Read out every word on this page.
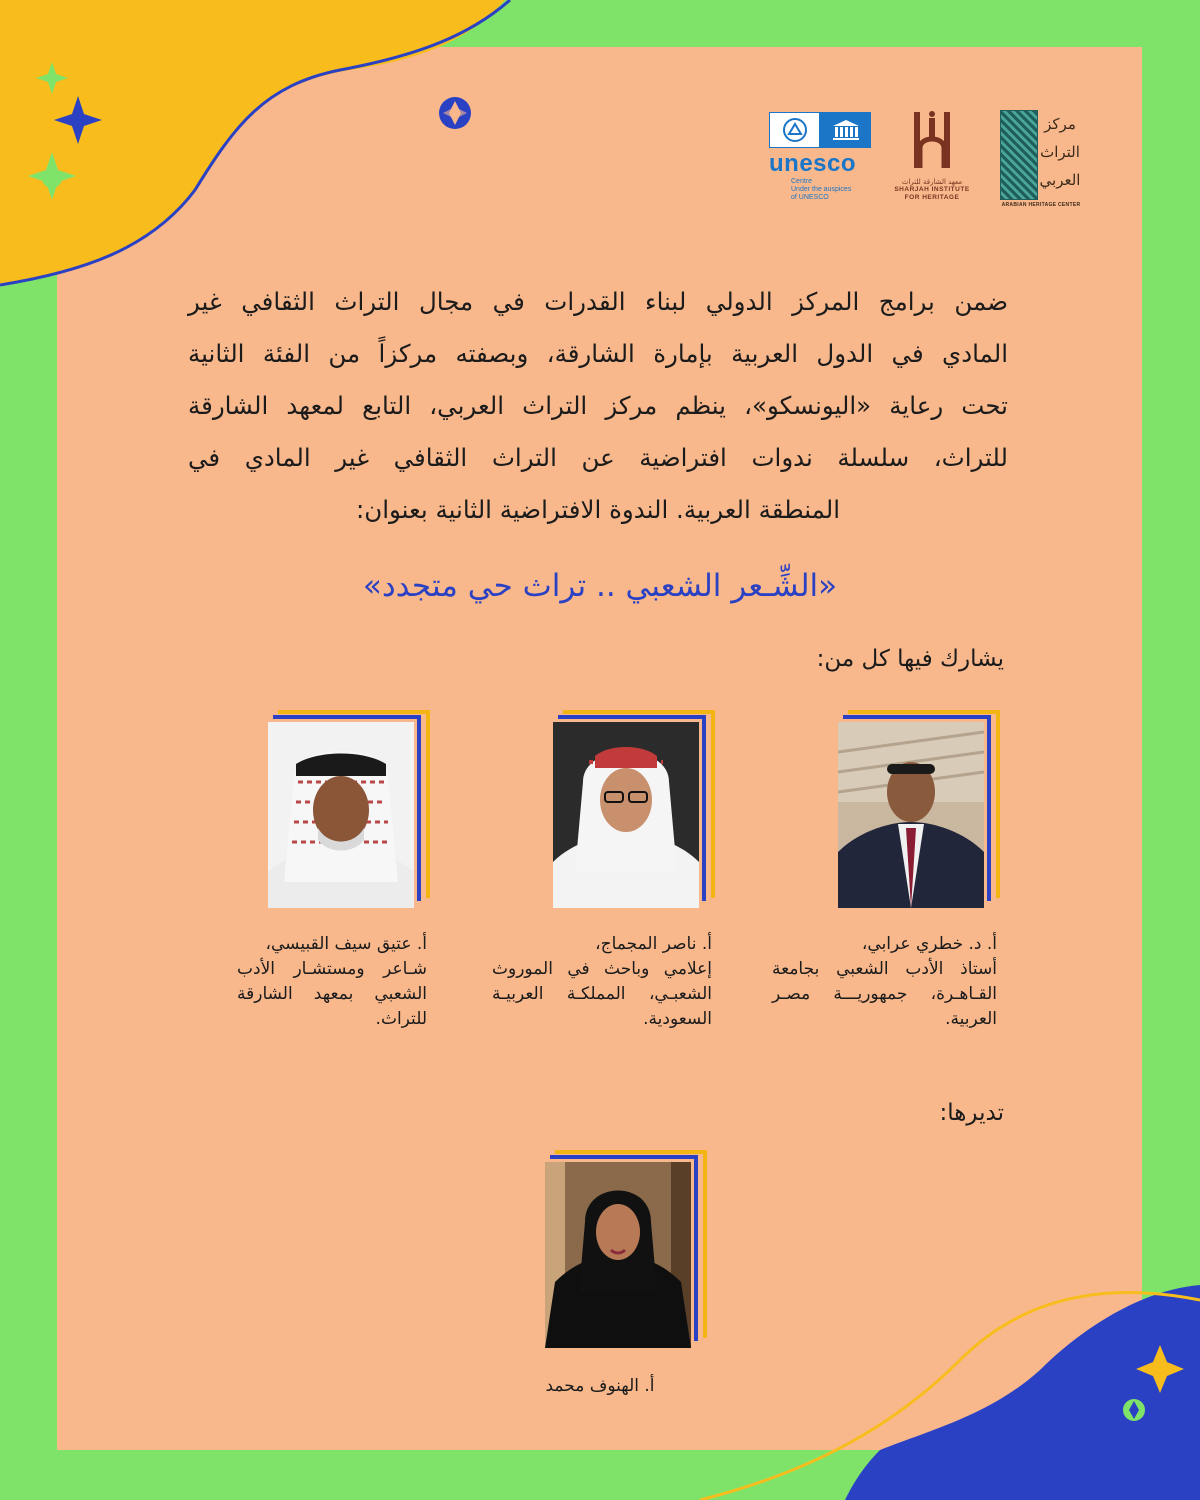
unesco
Centre
Under the auspices
of UNESCO
معهد الشارقة للتراث
SHARJAH INSTITUTE
FOR HERITAGE
مركز
التراث
العربي
ARABIAN HERITAGE CENTER
ضمن برامج المركز الدولي لبناء القدرات في مجال التراث الثقافي غير
المادي في الدول العربية بإمارة الشارقة، وبصفته مركزاً من الفئة الثانية
تحت رعاية «اليونسكو»، ينظم مركز التراث العربي، التابع لمعهد الشارقة
للتراث، سلسلة ندوات افتراضية عن التراث الثقافي غير المادي في
المنطقة العربية. الندوة الافتراضية الثانية بعنوان:
«الشِّـعر الشعبي .. تراث حي متجدد»
يشارك فيها كل من:
أ. د. خطري عرابي،
أستاذ الأدب الشعبي بجامعة
القـاهـرة، جمهوريـــة مصـر
العربية.
أ. ناصر المجماج،
إعلامي وباحث في الموروث
الشعبـي، المملكـة العربيـة
السعودية.
أ. عتيق سيف القبيسي،
شـاعر ومستشـار الأدب
الشعبي بمعهد الشارقة
للتراث.
تديرها:
أ. الهنوف محمد
